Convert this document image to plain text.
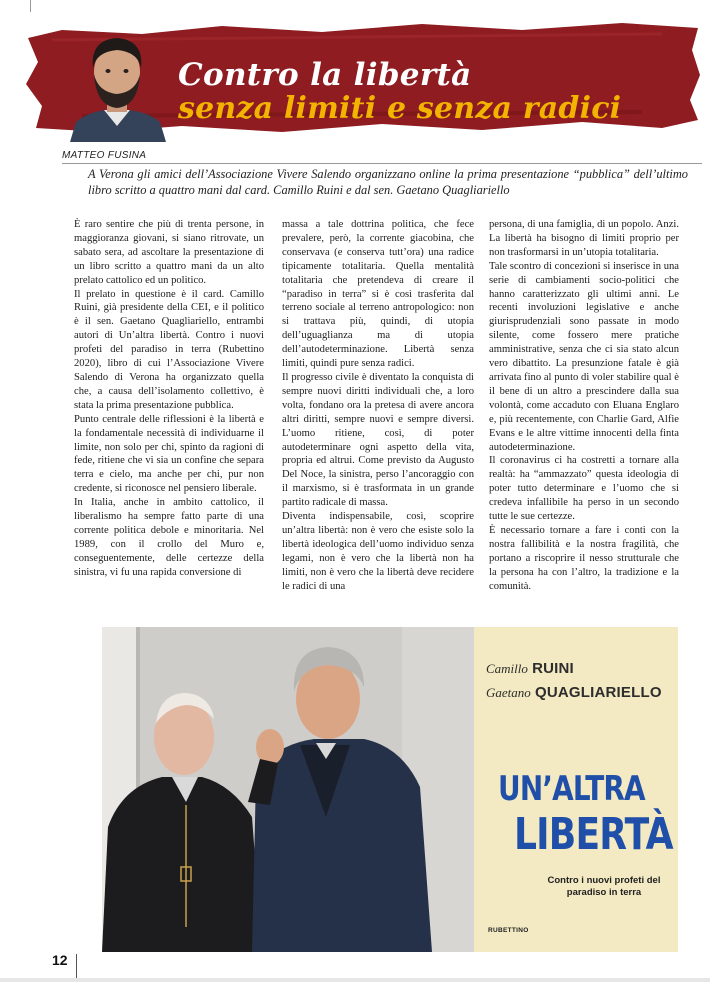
Contro la libertà
senza limiti e senza radici
MATTEO FUSINA
A Verona gli amici dell’Associazione Vivere Salendo organizzano online la prima presentazione “pubblica” dell’ultimo libro scritto a quattro mani dal card. Camillo Ruini e dal sen. Gaetano Quagliariello

È raro sentire che più di trenta persone, in maggioranza giovani, si siano ritrovate, un sabato sera, ad ascoltare la presentazione di un libro scritto a quattro mani da un alto prelato cattolico ed un politico.

Il prelato in questione è il card. Camillo Ruini, già presidente della CEI, e il politico è il sen. Gaetano Quagliariello, entrambi autori di Un’altra libertà. Contro i nuovi profeti del paradiso in terra (Rubettino 2020), libro di cui l’Associazione Vivere Salendo di Verona ha organizzato quella che, a causa dell’isolamento collettivo, è stata la prima presentazione pubblica.

Punto centrale delle riflessioni è la libertà e la fondamentale necessità di individuarne il limite, non solo per chi, spinto da ragioni di fede, ritiene che vi sia un confine che separa terra e cielo, ma anche per chi, pur non credente, si riconosce nel pensiero liberale.

In Italia, anche in ambito cattolico, il liberalismo ha sempre fatto parte di una corrente politica debole e minoritaria. Nel 1989, con il crollo del Muro e, conseguentemente, delle certezze della sinistra, vi fu una rapida conversione di

massa a tale dottrina politica, che fece prevalere, però, la corrente giacobina, che conservava (e conserva tutt’ora) una radice tipicamente totalitaria. Quella mentalità totalitaria che pretendeva di creare il “paradiso in terra” si è così trasferita dal terreno sociale al terreno antropologico: non si trattava più, quindi, di utopia dell’uguaglianza ma di utopia dell’autodeterminazione. Libertà senza limiti, quindi pure senza radici.

Il progresso civile è diventato la conquista di sempre nuovi diritti individuali che, a loro volta, fondano ora la pretesa di avere ancora altri diritti, sempre nuovi e sempre diversi. L’uomo ritiene, così, di poter autodeterminare ogni aspetto della vita, propria ed altrui. Come previsto da Augusto Del Noce, la sinistra, perso l’ancoraggio con il marxismo, si è trasformata in un grande partito radicale di massa.

Diventa indispensabile, così, scoprire un’altra libertà: non è vero che esiste solo la libertà ideologica dell’uomo individuo senza legami, non è vero che la libertà non ha limiti, non è vero che la libertà deve recidere le radici di una

persona, di una famiglia, di un popolo. Anzi. La libertà ha bisogno di limiti proprio per non trasformarsi in un’utopia totalitaria.

Tale scontro di concezioni si inserisce in una serie di cambiamenti socio-politici che hanno caratterizzato gli ultimi anni. Le recenti involuzioni legislative e anche giurisprudenziali sono passate in modo silente, come fossero mere pratiche amministrative, senza che ci sia stato alcun vero dibattito. La presunzione fatale è già arrivata fino al punto di voler stabilire qual è il bene di un altro a prescindere dalla sua volontà, come accaduto con Eluana Englaro e, più recentemente, con Charlie Gard, Alfie Evans e le altre vittime innocenti della finta autodeterminazione.

Il coronavirus ci ha costretti a tornare alla realtà: ha “ammazzato” questa ideologia di poter tutto determinare e l’uomo che si credeva infallibile ha perso in un secondo tutte le sue certezze.

È necessario tornare a fare i conti con la nostra fallibilità e la nostra fragilità, che portano a riscoprire il nesso strutturale che la persona ha con l’altro, la tradizione e la comunità.

Camillo RUINI
Gaetano QUAGLIARIELLO
UN’ALTRA
LIBERTÀ
Contro i nuovi profeti del paradiso in terra
RUBETTINO
12
